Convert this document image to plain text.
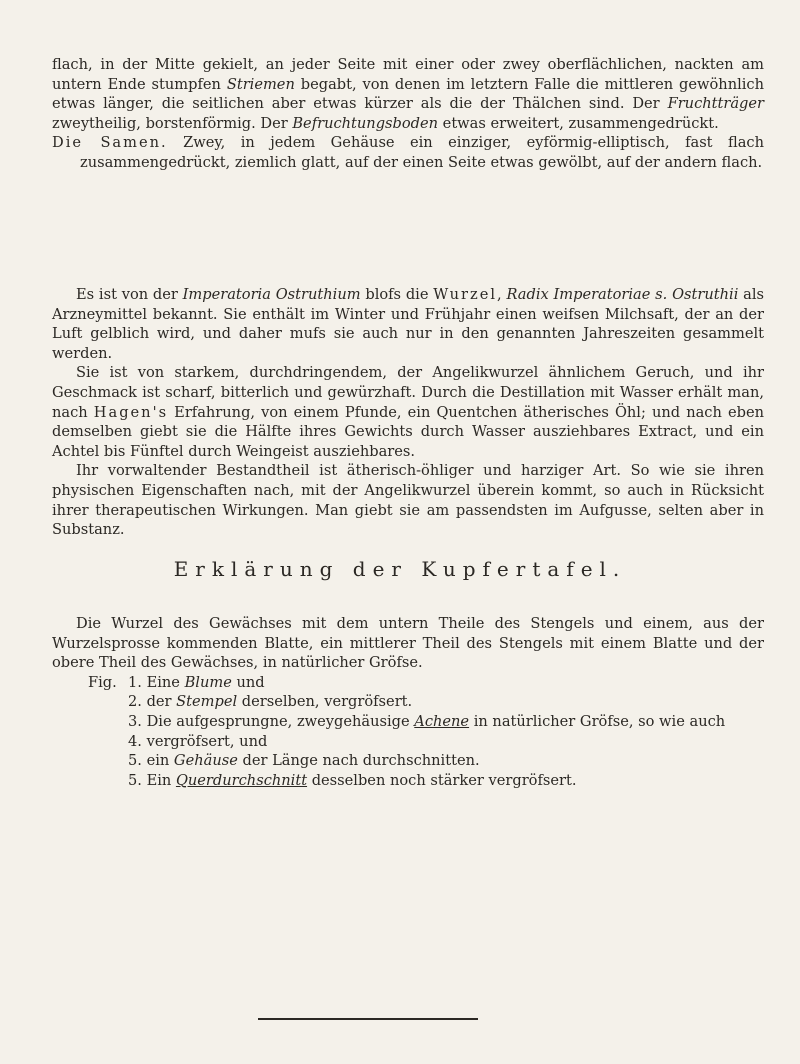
flach, in der Mitte gekielt, an jeder Seite mit einer oder zwey oberflächlichen, nackten am untern Ende stumpfen Striemen begabt, von denen im letztern Falle die mittleren gewöhnlich etwas länger, die seitlichen aber etwas kürzer als die der Thälchen sind. Der Fruchtträger zweytheilig, borstenförmig. Der Befruchtungsboden etwas erweitert, zusammengedrückt.

Die Samen. Zwey, in jedem Gehäuse ein einziger, eyförmig-elliptisch, fast flach zusammengedrückt, ziemlich glatt, auf der einen Seite etwas gewölbt, auf der andern flach.

Es ist von der Imperatoria Ostruthium blofs die Wurzel, Radix Imperatoriae s. Ostruthii als Arzneymittel bekannt. Sie enthält im Winter und Frühjahr einen weifsen Milchsaft, der an der Luft gelblich wird, und daher mufs sie auch nur in den genannten Jahreszeiten gesammelt werden.

Sie ist von starkem, durchdringendem, der Angelikwurzel ähnlichem Geruch, und ihr Geschmack ist scharf, bitterlich und gewürzhaft. Durch die Destillation mit Wasser erhält man, nach Hagen's Erfahrung, von einem Pfunde, ein Quentchen ätherisches Öhl; und nach eben demselben giebt sie die Hälfte ihres Gewichts durch Wasser ausziehbares Extract, und ein Achtel bis Fünftel durch Weingeist ausziehbares.

Ihr vorwaltender Bestandtheil ist ätherisch-öhliger und harziger Art. So wie sie ihren physischen Eigenschaften nach, mit der Angelikwurzel überein kommt, so auch in Rücksicht ihrer therapeutischen Wirkungen. Man giebt sie am passendsten im Aufgusse, selten aber in Substanz.

Erklärung der Kupfertafel.

Die Wurzel des Gewächses mit dem untern Theile des Stengels und einem, aus der Wurzelsprosse kommenden Blatte, ein mittlerer Theil des Stengels mit einem Blatte und der obere Theil des Gewächses, in natürlicher Gröfse.

Fig. 1. Eine Blume und
2. der Stempel derselben, vergröfsert.
3. Die aufgesprungne, zweygehäusige Achene in natürlicher Gröfse, so wie auch
4. vergröfsert, und
5. ein Gehäuse der Länge nach durchschnitten.
5. Ein Querdurchschnitt desselben noch stärker vergröfsert.
